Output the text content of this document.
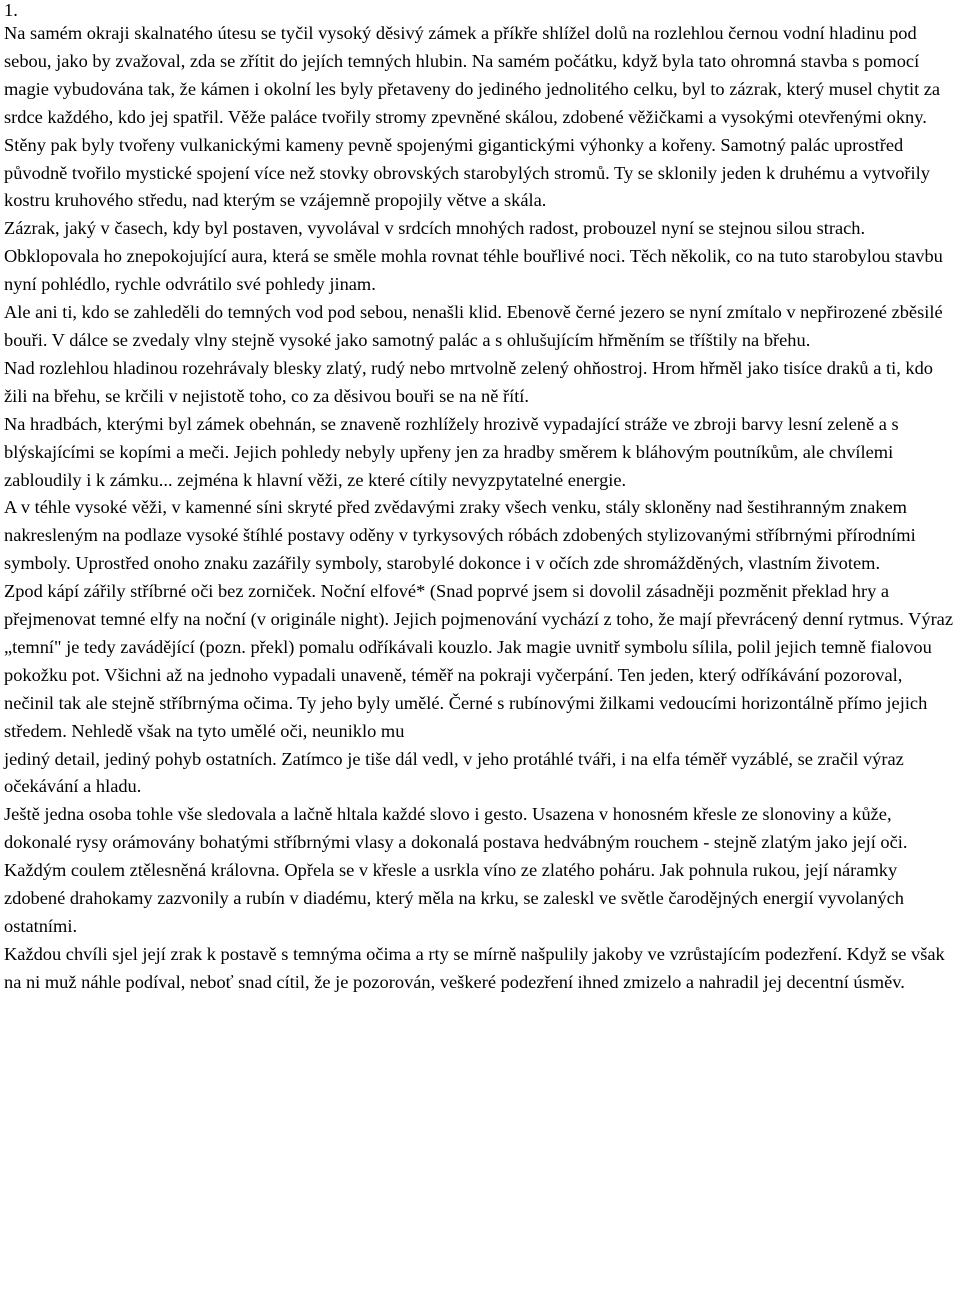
1.

Na samém okraji skalnatého útesu se tyčil vysoký děsivý zámek a příkře shlížel dolů na rozlehlou černou vodní hladinu pod sebou, jako by zvažoval, zda se zřítit do jejích temných hlubin. Na samém počátku, když byla tato ohromná stavba s pomocí magie vybudována tak, že kámen i okolní les byly přetaveny do jediného jednolitého celku, byl to zázrak, který musel chytit za srdce každého, kdo jej spatřil. Věže paláce tvořily stromy zpevněné skálou, zdobené věžičkami a vysokými otevřenými okny. Stěny pak byly tvořeny vulkanickými kameny pevně spojenými gigantickými výhonky a kořeny. Samotný palác uprostřed původně tvořilo mystické spojení více než stovky obrovských starobylých stromů. Ty se sklonily jeden k druhému a vytvořily kostru kruhového středu, nad kterým se vzájemně propojily větve a skála.

Zázrak, jaký v časech, kdy byl postaven, vyvolával v srdcích mnohých radost, probouzel nyní se stejnou silou strach. Obklopovala ho znepokojující aura, která se směle mohla rovnat téhle bouřlivé noci. Těch několik, co na tuto starobylou stavbu nyní pohlédlo, rychle odvrátilo své pohledy jinam.

Ale ani ti, kdo se zahleděli do temných vod pod sebou, nenašli klid. Ebenově černé jezero se nyní zmítalo v nepřirozené zběsilé bouři. V dálce se zvedaly vlny stejně vysoké jako samotný palác a s ohlušujícím hřměním se tříštily na břehu.

Nad rozlehlou hladinou rozehrávaly blesky zlatý, rudý nebo mrtvolně zelený ohňostroj. Hrom hřměl jako tisíce draků a ti, kdo žili na břehu, se krčili v nejistotě toho, co za děsivou bouři se na ně řítí.

Na hradbách, kterými byl zámek obehnán, se znaveně rozhlížely hrozivě vypadající stráže ve zbroji barvy lesní zeleně a s blýskajícími se kopími a meči. Jejich pohledy nebyly upřeny jen za hradby směrem k bláhovým poutníkům, ale chvílemi zabloudily i k zámku... zejména k hlavní věži, ze které cítily nevyzpytatelné energie.

A v téhle vysoké věži, v kamenné síni skryté před zvědavými zraky všech venku, stály skloněny nad šestihranným znakem nakresleným na podlaze vysoké štíhlé postavy oděny v tyrkysových róbách zdobených stylizovanými stříbrnými přírodními symboly. Uprostřed onoho znaku zazářily symboly, starobylé dokonce i v očích zde shromážděných, vlastním životem.

Zpod kápí zářily stříbrné oči bez zorniček. Noční elfové* (Snad poprvé jsem si dovolil zásadněji pozměnit překlad hry a přejmenovat temné elfy na noční (v originále night). Jejich pojmenování vychází z toho, že mají převrácený denní rytmus. Výraz „temní" je tedy zavádějící (pozn. překl) pomalu odříkávali kouzlo. Jak magie uvnitř symbolu sílila, polil jejich temně fialovou pokožku pot. Všichni až na jednoho vypadali unaveně, téměř na pokraji vyčerpání. Ten jeden, který odříkávání pozoroval, nečinil tak ale stejně stříbrnýma očima. Ty jeho byly umělé. Černé s rubínovými žilkami vedoucími horizontálně přímo jejich středem. Nehledě však na tyto umělé oči, neuniklo mu

jediný detail, jediný pohyb ostatních. Zatímco je tiše dál vedl, v jeho protáhlé tváři, i na elfa téměř vyzáblé, se zračil výraz očekávání a hladu.

Ještě jedna osoba tohle vše sledovala a lačně hltala každé slovo i gesto. Usazena v honosném křesle ze slonoviny a kůže, dokonalé rysy orámovány bohatými stříbrnými vlasy a dokonalá postava hedvábným rouchem - stejně zlatým jako její oči. Každým coulem ztělesněná královna. Opřela se v křesle a usrkla víno ze zlatého poháru. Jak pohnula rukou, její náramky zdobené drahokamy zazvonily a rubín v diadému, který měla na krku, se zaleskl ve světle čarodějných energií vyvolaných ostatními.

Každou chvíli sjel její zrak k postavě s temnýma očima a rty se mírně našpulily jakoby ve vzrůstajícím podezření. Když se však na ni muž náhle podíval, neboť snad cítil, že je pozorován, veškeré podezření ihned zmizelo a nahradil jej decentní úsměv.
